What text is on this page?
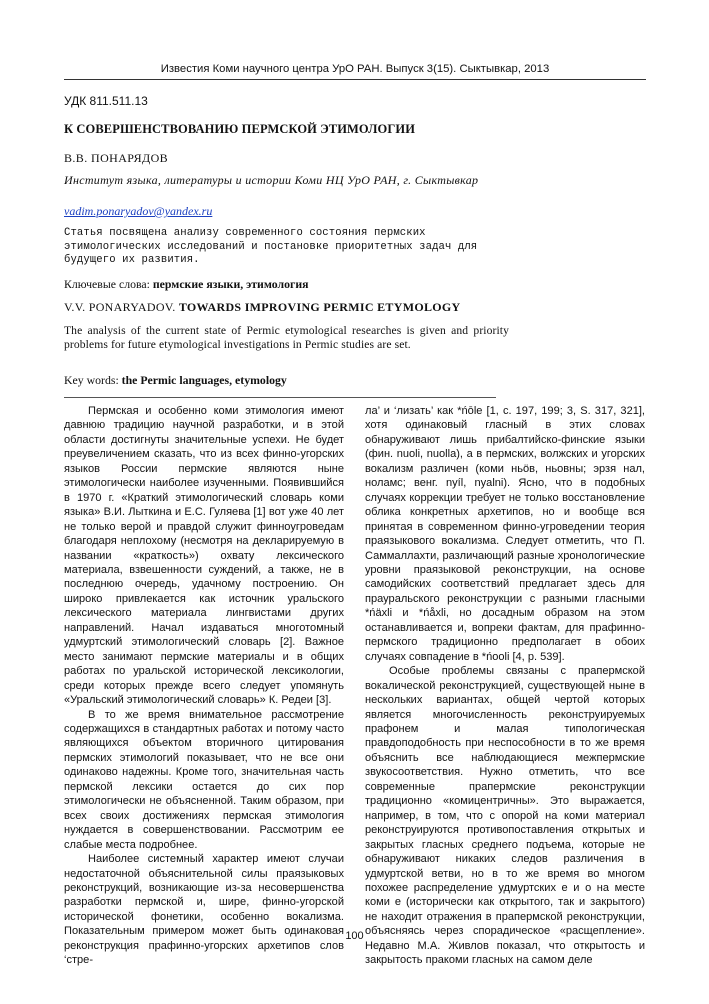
Известия Коми научного центра УрО РАН. Выпуск 3(15). Сыктывкар, 2013
УДК 811.511.13
К СОВЕРШЕНСТВОВАНИЮ ПЕРМСКОЙ ЭТИМОЛОГИИ
В.В. ПОНАРЯДОВ
Институт языка, литературы и истории Коми НЦ УрО РАН, г. Сыктывкар
vadim.ponaryadov@yandex.ru
Статья посвящена анализу современного состояния пермских этимологических исследований и постановке приоритетных задач для будущего их развития.
Ключевые слова: пермские языки, этимология
V.V. PONARYADOV. TOWARDS IMPROVING PERMIC ETYMOLOGY
The analysis of the current state of Permic etymological researches is given and priority problems for future etymological investigations in Permic studies are set.
Key words: the Permic languages, etymology

Пермская и особенно коми этимология имеют давнюю традицию научной разработки, и в этой области достигнуты значительные успехи. Не будет преувеличением сказать, что из всех финно-угорских языков России пермские являются ныне этимологически наиболее изученными. Появившийся в 1970 г. «Краткий этимологический словарь коми языка» В.И. Лыткина и Е.С. Гуляева [1] вот уже 40 лет не только верой и правдой служит финноугроведам благодаря неплохому (несмотря на декларируемую в названии «краткость») охвату лексического материала, взвешенности суждений, а также, не в последнюю очередь, удачному построению. Он широко привлекается как источник уральского лексического материала лингвистами других направлений. Начал издаваться многотомный удмуртский этимологический словарь [2]. Важное место занимают пермские материалы и в общих работах по уральской исторической лексикологии, среди которых прежде всего следует упомянуть «Уральский этимологический словарь» К. Редеи [3].

В то же время внимательное рассмотрение содержащихся в стандартных работах и потому часто являющихся объектом вторичного цитирования пермских этимологий показывает, что не все они одинаково надежны. Кроме того, значительная часть пермской лексики остается до сих пор этимологически не объясненной. Таким образом, при всех своих достижениях пермская этимология нуждается в совершенствовании. Рассмотрим ее слабые места подробнее.

Наиболее системный характер имеют случаи недостаточной объяснительной силы праязыковых реконструкций, возникающие из-за несовершенства разработки пермской и, шире, финно-угорской исторической фонетики, особенно вокализма. Показательным примером может быть одинаковая реконструкция прафинно-угорских архетипов слов ‘стре-

ла’ и ‘лизать’ как *ńōle [1, с. 197, 199; 3, S. 317, 321], хотя одинаковый гласный в этих словах обнаруживают лишь прибалтийско-финские языки (фин. nuoli, nuolla), а в пермских, волжских и угорских вокализм различен (коми ньӧв, ньовны; эрзя нал, ноламс; венг. nyíl, nyalni). Ясно, что в подобных случаях коррекции требует не только восстановление облика конкретных архетипов, но и вообще вся принятая в современном финно-угроведении теория праязыкового вокализма. Следует отметить, что П. Саммаллахти, различающий разные хронологические уровни праязыковой реконструкции, на основе самодийских соответствий предлагает здесь для прауральского реконструкции с разными гласными *ńäxli и *ńåxli, но досадным образом на этом останавливается и, вопреки фактам, для прафинно-пермского традиционно предполагает в обоих случаях совпадение в *ńooli [4, p. 539].

Особые проблемы связаны с прапермской вокалической реконструкцией, существующей ныне в нескольких вариантах, общей чертой которых является многочисленность реконструируемых прафонем и малая типологическая правдоподобность при неспособности в то же время объяснить все наблюдающиеся межпермские звукосоответствия. Нужно отметить, что все современные прапермские реконструкции традиционно «комицентричны». Это выражается, например, в том, что с опорой на коми материал реконструируются противопоставления открытых и закрытых гласных среднего подъема, которые не обнаруживают никаких следов различения в удмуртской ветви, но в то же время во многом похожее распределение удмуртских е и о на месте коми е (исторически как открытого, так и закрытого) не находит отражения в прапермской реконструкции, объясняясь через спорадическое «расщепление». Недавно М.А. Живлов показал, что открытость и закрытость пракоми гласных на самом деле

100
